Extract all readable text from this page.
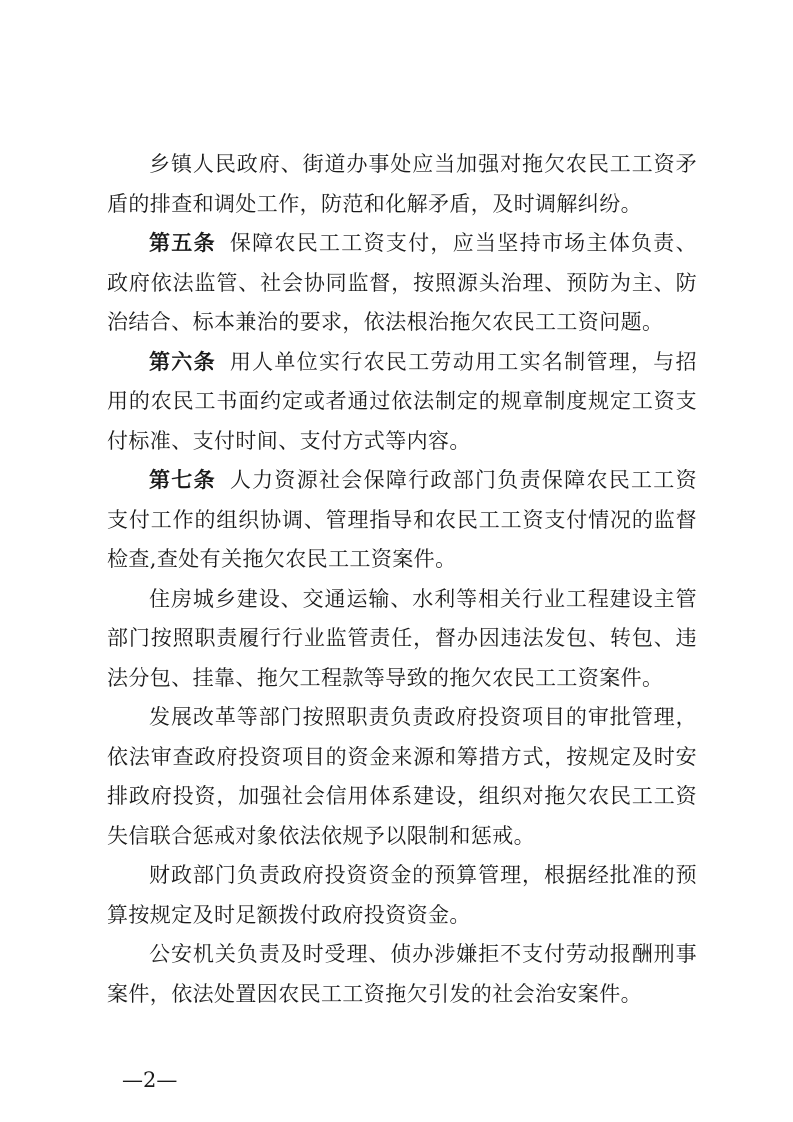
乡镇人民政府、街道办事处应当加强对拖欠农民工工资矛盾的排查和调处工作，防范和化解矛盾，及时调解纠纷。

第五条 保障农民工工资支付，应当坚持市场主体负责、政府依法监管、社会协同监督，按照源头治理、预防为主、防治结合、标本兼治的要求，依法根治拖欠农民工工资问题。

第六条 用人单位实行农民工劳动用工实名制管理，与招用的农民工书面约定或者通过依法制定的规章制度规定工资支付标准、支付时间、支付方式等内容。

第七条 人力资源社会保障行政部门负责保障农民工工资支付工作的组织协调、管理指导和农民工工资支付情况的监督检查,查处有关拖欠农民工工资案件。

住房城乡建设、交通运输、水利等相关行业工程建设主管部门按照职责履行行业监管责任，督办因违法发包、转包、违法分包、挂靠、拖欠工程款等导致的拖欠农民工工资案件。

发展改革等部门按照职责负责政府投资项目的审批管理，依法审查政府投资项目的资金来源和筹措方式，按规定及时安排政府投资，加强社会信用体系建设，组织对拖欠农民工工资失信联合惩戒对象依法依规予以限制和惩戒。

财政部门负责政府投资资金的预算管理，根据经批准的预算按规定及时足额拨付政府投资资金。

公安机关负责及时受理、侦办涉嫌拒不支付劳动报酬刑事案件，依法处置因农民工工资拖欠引发的社会治安案件。

—2—
